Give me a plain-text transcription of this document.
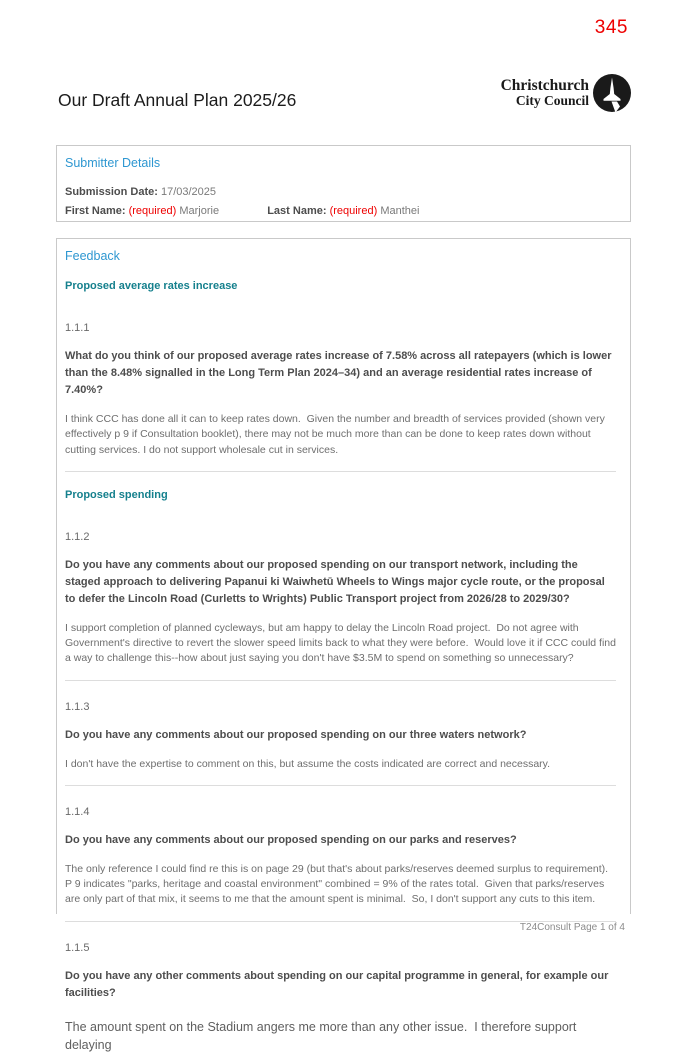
345
Our Draft Annual Plan 2025/26
Christchurch
City Council
Submitter Details
Submission Date: 17/03/2025
First Name: (required) Marjorie	Last Name: (required) Manthei
Feedback
Proposed average rates increase
1.1.1
What do you think of our proposed average rates increase of 7.58% across all ratepayers (which is lower than the 8.48% signalled in the Long Term Plan 2024–34) and an average residential rates increase of 7.40%?
I think CCC has done all it can to keep rates down.  Given the number and breadth of services provided (shown very effectively p 9 if Consultation booklet), there may not be much more than can be done to keep rates down without cutting services. I do not support wholesale cut in services.
Proposed spending
1.1.2
Do you have any comments about our proposed spending on our transport network, including the staged approach to delivering Papanui ki Waiwhetū Wheels to Wings major cycle route, or the proposal to defer the Lincoln Road (Curletts to Wrights) Public Transport project from 2026/28 to 2029/30?
I support completion of planned cycleways, but am happy to delay the Lincoln Road project.  Do not agree with Government's directive to revert the slower speed limits back to what they were before.  Would love it if CCC could find a way to challenge this--how about just saying you don't have $3.5M to spend on something so unnecessary?
1.1.3
Do you have any comments about our proposed spending on our three waters network?
I don't have the expertise to comment on this, but assume the costs indicated are correct and necessary.
1.1.4
Do you have any comments about our proposed spending on our parks and reserves?
The only reference I could find re this is on page 29 (but that's about parks/reserves deemed surplus to requirement).  P 9 indicates "parks, heritage and coastal environment" combined = 9% of the rates total.  Given that parks/reserves are only part of that mix, it seems to me that the amount spent is minimal.  So, I don't support any cuts to this item.
1.1.5
Do you have any other comments about spending on our capital programme in general, for example our facilities?
The amount spent on the Stadium angers me more than any other issue.  I therefore support delaying
T24Consult Page 1 of 4
